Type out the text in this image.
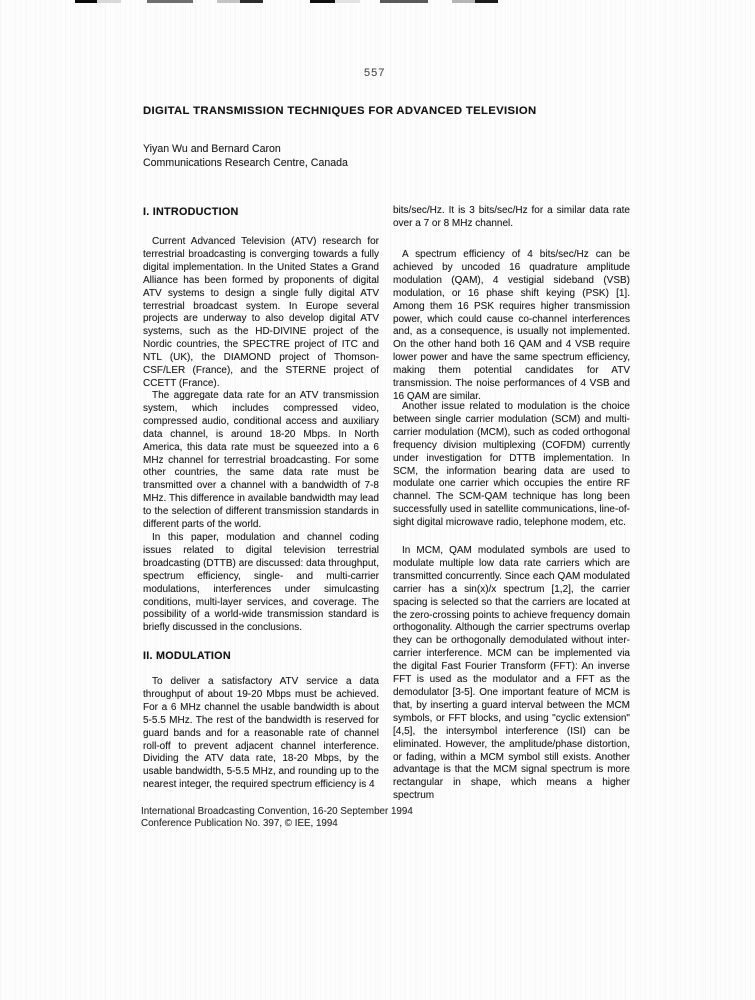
557
DIGITAL TRANSMISSION TECHNIQUES FOR ADVANCED TELEVISION
Yiyan Wu and Bernard Caron
Communications Research Centre, Canada
I. INTRODUCTION
Current Advanced Television (ATV) research for terrestrial broadcasting is converging towards a fully digital implementation. In the United States a Grand Alliance has been formed by proponents of digital ATV systems to design a single fully digital ATV terrestrial broadcast system. In Europe several projects are underway to also develop digital ATV systems, such as the HD-DIVINE project of the Nordic countries, the SPECTRE project of ITC and NTL (UK), the DIAMOND project of Thomson-CSF/LER (France), and the STERNE project of CCETT (France).
The aggregate data rate for an ATV transmission system, which includes compressed video, compressed audio, conditional access and auxiliary data channel, is around 18-20 Mbps. In North America, this data rate must be squeezed into a 6 MHz channel for terrestrial broadcasting. For some other countries, the same data rate must be transmitted over a channel with a bandwidth of 7-8 MHz. This difference in available bandwidth may lead to the selection of different transmission standards in different parts of the world.
In this paper, modulation and channel coding issues related to digital television terrestrial broadcasting (DTTB) are discussed: data throughput, spectrum efficiency, single- and multi-carrier modulations, interferences under simulcasting conditions, multi-layer services, and coverage. The possibility of a world-wide transmission standard is briefly discussed in the conclusions.
II. MODULATION
To deliver a satisfactory ATV service a data throughput of about 19-20 Mbps must be achieved. For a 6 MHz channel the usable bandwidth is about 5-5.5 MHz. The rest of the bandwidth is reserved for guard bands and for a reasonable rate of channel roll-off to prevent adjacent channel interference. Dividing the ATV data rate, 18-20 Mbps, by the usable bandwidth, 5-5.5 MHz, and rounding up to the nearest integer, the required spectrum efficiency is 4
bits/sec/Hz. It is 3 bits/sec/Hz for a similar data rate over a 7 or 8 MHz channel.
A spectrum efficiency of 4 bits/sec/Hz can be achieved by uncoded 16 quadrature amplitude modulation (QAM), 4 vestigial sideband (VSB) modulation, or 16 phase shift keying (PSK) [1]. Among them 16 PSK requires higher transmission power, which could cause co-channel interferences and, as a consequence, is usually not implemented. On the other hand both 16 QAM and 4 VSB require lower power and have the same spectrum efficiency, making them potential candidates for ATV transmission. The noise performances of 4 VSB and 16 QAM are similar.
Another issue related to modulation is the choice between single carrier modulation (SCM) and multi-carrier modulation (MCM), such as coded orthogonal frequency division multiplexing (COFDM) currently under investigation for DTTB implementation. In SCM, the information bearing data are used to modulate one carrier which occupies the entire RF channel. The SCM-QAM technique has long been successfully used in satellite communications, line-of-sight digital microwave radio, telephone modem, etc.
In MCM, QAM modulated symbols are used to modulate multiple low data rate carriers which are transmitted concurrently. Since each QAM modulated carrier has a sin(x)/x spectrum [1,2], the carrier spacing is selected so that the carriers are located at the zero-crossing points to achieve frequency domain orthogonality. Although the carrier spectrums overlap they can be orthogonally demodulated without inter-carrier interference. MCM can be implemented via the digital Fast Fourier Transform (FFT): An inverse FFT is used as the modulator and a FFT as the demodulator [3-5]. One important feature of MCM is that, by inserting a guard interval between the MCM symbols, or FFT blocks, and using "cyclic extension" [4,5], the intersymbol interference (ISI) can be eliminated. However, the amplitude/phase distortion, or fading, within a MCM symbol still exists. Another advantage is that the MCM signal spectrum is more rectangular in shape, which means a higher spectrum
International Broadcasting Convention, 16-20 September 1994
Conference Publication No. 397, © IEE, 1994
